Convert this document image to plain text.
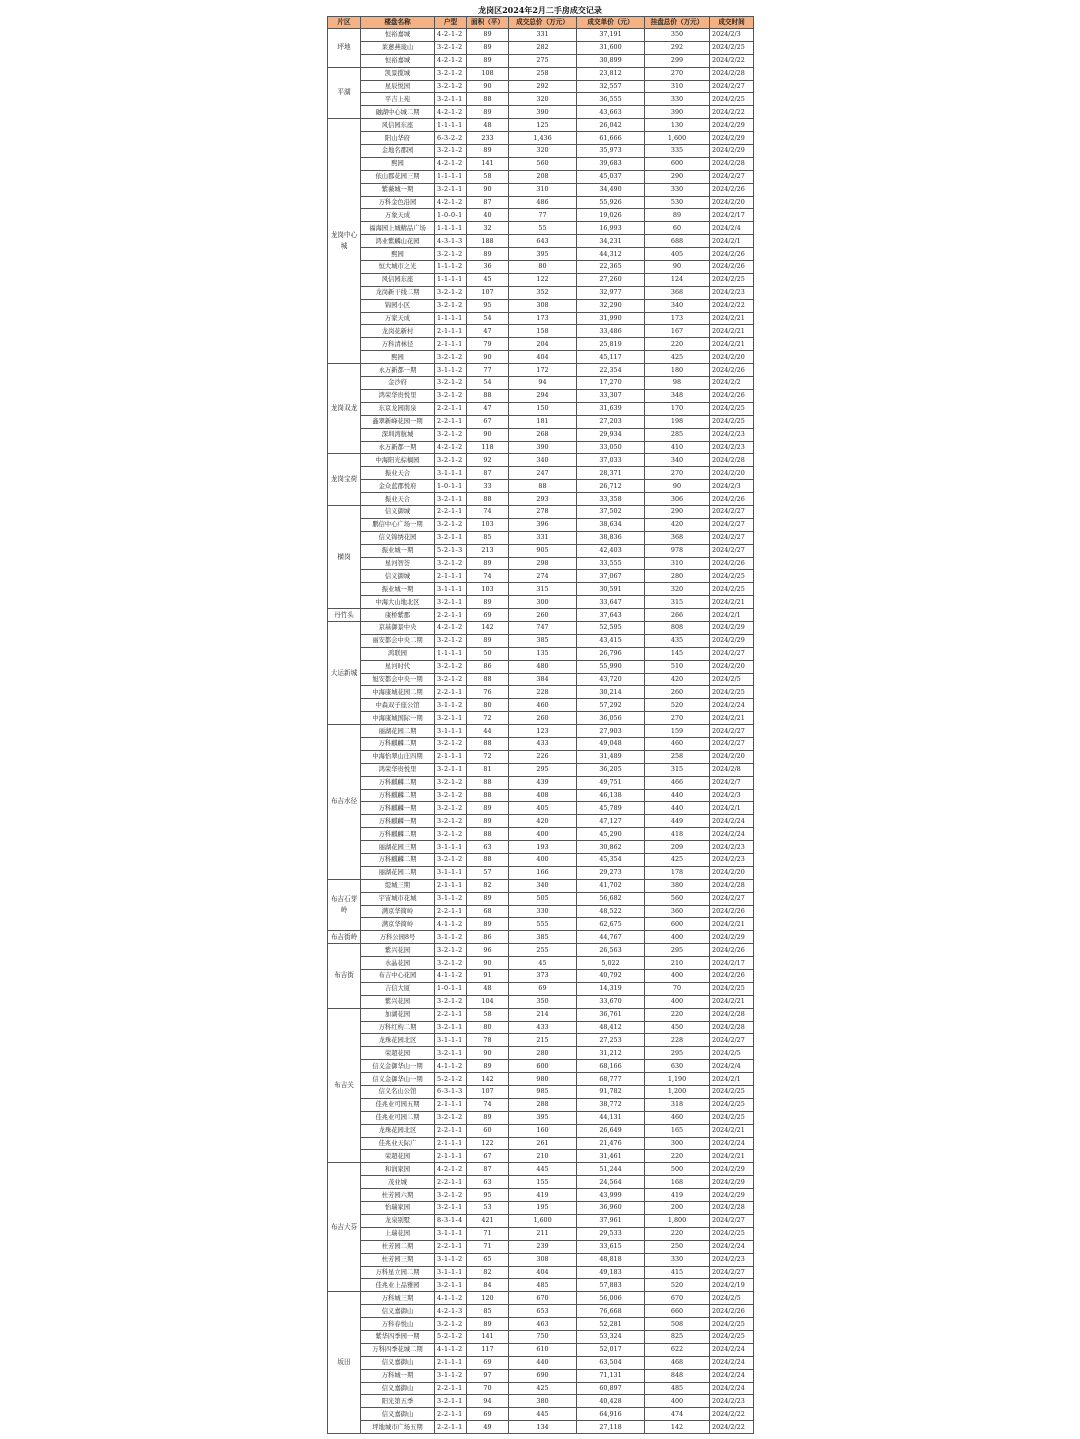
龙岗区2024年2月二手房成交记录
片区	楼盘名称	户型	面积（平）	成交总价（万元）	成交单价（元）	挂盘总价（万元）	成交时间
坪地	恒裕嘉城	4-2-1-2	89	331	37,191	350	2024/2/3
	莱蒽燕珑山	3-2-1-2	89	282	31,600	292	2024/2/25
	恒裕嘉城	4-2-1-2	89	275	30,899	299	2024/2/22
平湖	凯景揽城	3-2-1-2	108	258	23,812	270	2024/2/28
	星辰悦园	3-2-1-2	90	292	32,557	310	2024/2/27
	平吉上苑	3-2-1-1	88	320	36,555	330	2024/2/25
	融湖中心城二期	4-2-1-2	89	390	43,663	390	2024/2/22
龙岗中心城	风信园东座	1-1-1-1	48	125	26,042	130	2024/2/29
	阳山华府	6-3-2-2	233	1,436	61,666	1,600	2024/2/29
	金地名郡园	3-2-1-2	89	320	35,973	335	2024/2/29
	熙园	4-2-1-2	141	560	39,683	600	2024/2/28
	依山郡花园三期	1-1-1-1	58	208	45,037	290	2024/2/27
	紫薇城一期	3-2-1-1	90	310	34,490	330	2024/2/26
	万科金色沿园	4-2-1-2	87	486	55,926	530	2024/2/20
	万象天成	1-0-0-1	40	77	19,026	89	2024/2/17
	福海园上城精品广场	1-1-1-1	32	55	16,993	60	2024/2/4
	鸿业紫麟山花园	4-3-1-3	188	643	34,231	688	2024/2/1
	熙园	3-2-1-2	89	395	44,312	405	2024/2/26
	恒大城市之光	1-1-1-2	36	80	22,365	90	2024/2/26
	风信园东座	1-1-1-1	45	122	27,260	124	2024/2/25
	龙岗新干线二期	3-2-1-2	107	352	32,977	368	2024/2/23
	锦园小区	3-2-1-2	95	308	32,290	340	2024/2/22
	万家天成	1-1-1-1	54	173	31,990	173	2024/2/21
	龙岗花新村	2-1-1-1	47	158	33,486	167	2024/2/21
	万科清林径	2-1-1-1	79	204	25,819	220	2024/2/21
	熙园	3-2-1-2	90	404	45,117	425	2024/2/20
龙岗双龙	永万新都一期	3-1-1-2	77	172	22,354	180	2024/2/26
	金沙府	3-2-1-2	54	94	17,270	98	2024/2/2
	鸿荣华贵悦里	3-2-1-2	88	294	33,307	348	2024/2/26
	东京龙园南泉	2-2-1-1	47	150	31,639	170	2024/2/25
	鑫翠新峰花园一期	2-2-1-1	67	181	27,203	198	2024/2/25
	深圳湾航城	3-2-1-2	90	268	29,934	285	2024/2/23
	永万新都一期	4-2-1-2	118	390	33,050	410	2024/2/23
龙岗宝荷	中海阳光棕榈园	3-2-1-2	92	340	37,033	340	2024/2/28
	振业天合	3-1-1-1	87	247	28,371	270	2024/2/20
	金众蓝郡悦府	1-0-1-1	33	88	26,712	90	2024/2/3
	振业天合	3-2-1-1	88	293	33,358	306	2024/2/26
横岗	信义御城	2-2-1-1	74	278	37,502	290	2024/2/27
	鹏信中心广场一期	3-2-1-2	103	396	38,634	420	2024/2/27
	信义锦绣花园	3-2-1-1	85	331	38,836	368	2024/2/27
	振业城一期	5-2-1-3	213	905	42,403	978	2024/2/27
	星河智荟	3-2-1-2	89	298	33,555	310	2024/2/26
	信义御城	2-1-1-1	74	274	37,067	280	2024/2/25
	振业城一期	3-1-1-1	103	315	30,591	320	2024/2/25
	中海大山地北区	3-2-1-1	89	300	33,647	315	2024/2/21
丹竹头	康桥紫郡	2-2-1-1	69	260	37,643	266	2024/2/1
大运新城	京基御景中央	4-2-1-2	142	747	52,595	808	2024/2/29
	丽安都会中央二期	3-2-1-2	89	385	43,415	435	2024/2/29
	鸿联园	1-1-1-1	50	135	26,796	145	2024/2/27
	星河时代	3-2-1-2	86	480	55,990	510	2024/2/20
	旭安都会中央一期	3-2-1-2	88	384	43,720	420	2024/2/5
	中海康城花园二期	2-2-1-1	76	228	30,214	260	2024/2/25
	中森双子座公馆	3-1-1-2	80	460	57,292	520	2024/2/24
	中海康城国际一期	3-2-1-1	72	260	36,056	270	2024/2/21
布吉水径	丽湖花园二期	3-1-1-1	44	123	27,903	159	2024/2/27
	万科麒麟二期	3-2-1-2	88	433	49,048	460	2024/2/27
	中海怡翠山庄四期	2-1-1-1	72	226	31,489	258	2024/2/20
	鸿荣华贵悦里	3-2-1-1	81	295	36,205	315	2024/2/8
	万科麒麟二期	3-2-1-2	88	439	49,751	466	2024/2/7
	万科麒麟二期	3-2-1-2	88	408	46,138	440	2024/2/3
	万科麒麟一期	3-2-1-2	89	405	45,789	440	2024/2/1
	万科麒麟一期	3-2-1-2	89	420	47,127	449	2024/2/24
	万科麒麟二期	3-2-1-2	88	400	45,290	418	2024/2/24
	丽湖花园三期	3-1-1-1	63	193	30,862	209	2024/2/23
	万科麒麟二期	3-2-1-2	88	400	45,354	425	2024/2/23
	丽湖花园二期	3-1-1-1	57	166	29,273	178	2024/2/20
布吉石芽岭	缇城三期	2-1-1-1	82	340	41,702	380	2024/2/28
	宇宙城市花城	3-1-1-2	89	505	56,682	560	2024/2/27
	满京华简岭	2-2-1-1	68	330	48,522	360	2024/2/26
	满京华简岭	4-1-1-2	89	555	62,675	600	2024/2/21
布吉街岭	万科公园8号	3-1-1-2	86	385	44,767	400	2024/2/29
布吉街	紫兴花园	3-2-1-2	96	255	26,563	295	2024/2/26
	水晶花园	3-2-1-2	90	45	5,022	210	2024/2/17
	布吉中心花园	4-1-1-2	91	373	40,792	400	2024/2/26
	吉信大厦	1-0-1-1	48	69	14,319	70	2024/2/25
	紫兴花园	3-2-1-2	104	350	33,670	400	2024/2/21
布吉关	加湖花园	2-2-1-1	58	214	36,761	220	2024/2/28
	万科红构二期	3-2-1-1	80	433	48,412	450	2024/2/28
	龙珠花园北区	3-1-1-1	78	215	27,253	228	2024/2/27
	荣超花园	3-2-1-1	90	280	31,212	295	2024/2/5
	信义金御华山一期	4-1-1-2	89	600	68,166	630	2024/2/4
	信义金御华山一期	5-2-1-2	142	980	68,777	1,190	2024/2/1
	信义名山公馆	6-3-1-3	107	985	91,782	1,200	2024/2/25
	佳兆业可园五期	2-1-1-1	74	288	38,772	318	2024/2/25
	佳兆业可园二期	3-2-1-2	89	395	44,131	460	2024/2/25
	龙珠花园北区	2-2-1-1	60	160	26,649	165	2024/2/21
	佳兆业天际广	2-1-1-1	122	261	21,476	300	2024/2/24
	荣超花园	2-1-1-1	67	210	31,461	220	2024/2/21
布吉大芬	和润家园	4-2-1-2	87	445	51,244	500	2024/2/29
	茂业城	2-2-1-1	63	155	24,564	168	2024/2/29
	杜芳园六期	3-2-1-2	95	419	43,999	419	2024/2/29
	怡瑞家园	3-2-1-1	53	195	36,960	200	2024/2/28
	龙泉别墅	8-3-1-4	421	1,600	37,961	1,800	2024/2/27
	上瑞花园	3-1-1-1	71	211	29,533	220	2024/2/25
	杜芳园二期	2-2-1-1	71	239	33,615	250	2024/2/24
	杜芳园三期	3-1-1-2	65	308	48,818	330	2024/2/23
	万科星立园二期	3-1-1-1	82	404	49,183	415	2024/2/27
	佳兆业上品雅园	3-2-1-1	84	485	57,883	520	2024/2/19
坂田	万科城三期	4-1-1-2	120	670	56,006	670	2024/2/5
	信义嘉御山	4-2-1-3	85	653	76,668	660	2024/2/26
	万科春悦山	3-2-1-2	89	463	52,281	508	2024/2/25
	紫华四季园一期	5-2-1-2	141	750	53,324	825	2024/2/25
	万科四季花城二期	4-1-1-2	117	610	52,017	622	2024/2/24
	信义嘉御山	2-1-1-1	69	440	63,504	468	2024/2/24
	万科城一期	3-1-1-2	97	690	71,131	848	2024/2/24
	信义嘉御山	2-2-1-1	70	425	60,897	485	2024/2/24
	阳光第五季	3-2-1-1	94	380	40,428	400	2024/2/23
	信义嘉御山	2-2-1-1	69	445	64,916	474	2024/2/22
	坪地城市广场五期	2-2-1-1	49	134	27,118	142	2024/2/22
